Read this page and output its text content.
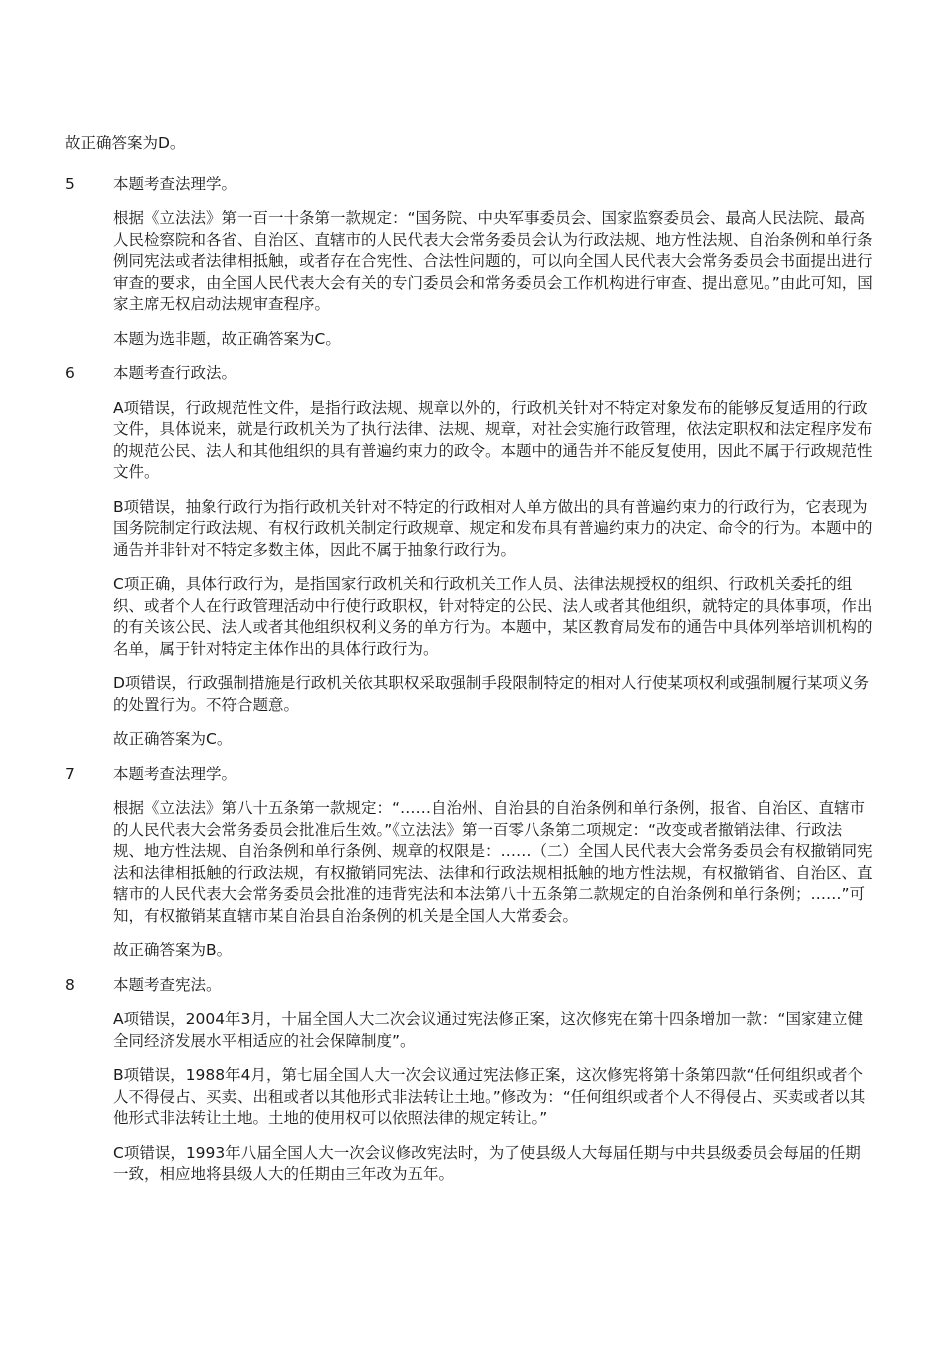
故正确答案为D。

5 本题考查法理学。

根据《立法法》第一百一十条第一款规定：“国务院、中央军事委员会、国家监察委员会、最高人民法院、最高人民检察院和各省、自治区、直辖市的人民代表大会常务委员会认为行政法规、地方性法规、自治条例和单行条例同宪法或者法律相抵触，或者存在合宪性、合法性问题的，可以向全国人民代表大会常务委员会书面提出进行审查的要求，由全国人民代表大会有关的专门委员会和常务委员会工作机构进行审查、提出意见。”由此可知，国家主席无权启动法规审查程序。

本题为选非题，故正确答案为C。

6 本题考查行政法。

A项错误，行政规范性文件，是指行政法规、规章以外的，行政机关针对不特定对象发布的能够反复适用的行政文件，具体说来，就是行政机关为了执行法律、法规、规章，对社会实施行政管理，依法定职权和法定程序发布的规范公民、法人和其他组织的具有普遍约束力的政令。本题中的通告并不能反复使用，因此不属于行政规范性文件。

B项错误，抽象行政行为指行政机关针对不特定的行政相对人单方做出的具有普遍约束力的行政行为，它表现为国务院制定行政法规、有权行政机关制定行政规章、规定和发布具有普遍约束力的决定、命令的行为。本题中的通告并非针对不特定多数主体，因此不属于抽象行政行为。

C项正确，具体行政行为，是指国家行政机关和行政机关工作人员、法律法规授权的组织、行政机关委托的组织、或者个人在行政管理活动中行使行政职权，针对特定的公民、法人或者其他组织，就特定的具体事项，作出的有关该公民、法人或者其他组织权利义务的单方行为。本题中，某区教育局发布的通告中具体列举培训机构的名单，属于针对特定主体作出的具体行政行为。

D项错误，行政强制措施是行政机关依其职权采取强制手段限制特定的相对人行使某项权利或强制履行某项义务的处置行为。不符合题意。

故正确答案为C。

7 本题考查法理学。

根据《立法法》第八十五条第一款规定：“……自治州、自治县的自治条例和单行条例，报省、自治区、直辖市的人民代表大会常务委员会批准后生效。”《立法法》第一百零八条第二项规定：“改变或者撤销法律、行政法规、地方性法规、自治条例和单行条例、规章的权限是：……（二）全国人民代表大会常务委员会有权撤销同宪法和法律相抵触的行政法规，有权撤销同宪法、法律和行政法规相抵触的地方性法规，有权撤销省、自治区、直辖市的人民代表大会常务委员会批准的违背宪法和本法第八十五条第二款规定的自治条例和单行条例；……”可知，有权撤销某直辖市某自治县自治条例的机关是全国人大常委会。

故正确答案为B。

8 本题考查宪法。

A项错误，2004年3月，十届全国人大二次会议通过宪法修正案，这次修宪在第十四条增加一款：“国家建立健全同经济发展水平相适应的社会保障制度”。

B项错误，1988年4月，第七届全国人大一次会议通过宪法修正案，这次修宪将第十条第四款“任何组织或者个人不得侵占、买卖、出租或者以其他形式非法转让土地。”修改为：“任何组织或者个人不得侵占、买卖或者以其他形式非法转让土地。土地的使用权可以依照法律的规定转让。”

C项错误，1993年八届全国人大一次会议修改宪法时，为了使县级人大每届任期与中共县级委员会每届的任期一致，相应地将县级人大的任期由三年改为五年。
